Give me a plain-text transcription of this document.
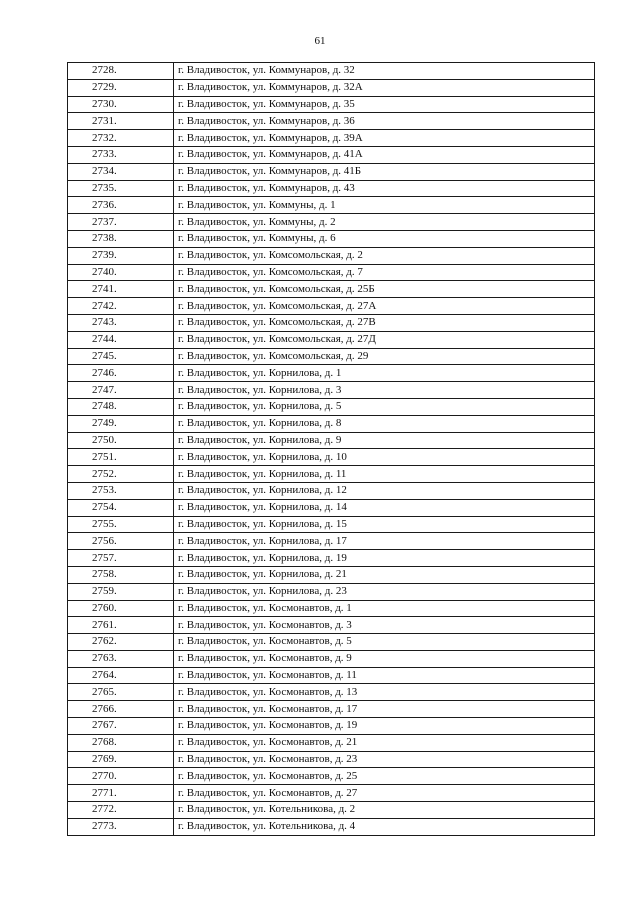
61
2728.	г. Владивосток, ул. Коммунаров, д. 32
2729.	г. Владивосток, ул. Коммунаров, д. 32А
2730.	г. Владивосток, ул. Коммунаров, д. 35
2731.	г. Владивосток, ул. Коммунаров, д. 36
2732.	г. Владивосток, ул. Коммунаров, д. 39А
2733.	г. Владивосток, ул. Коммунаров, д. 41А
2734.	г. Владивосток, ул. Коммунаров, д. 41Б
2735.	г. Владивосток, ул. Коммунаров, д. 43
2736.	г. Владивосток, ул. Коммуны, д. 1
2737.	г. Владивосток, ул. Коммуны, д. 2
2738.	г. Владивосток, ул. Коммуны, д. 6
2739.	г. Владивосток, ул. Комсомольская, д. 2
2740.	г. Владивосток, ул. Комсомольская, д. 7
2741.	г. Владивосток, ул. Комсомольская, д. 25Б
2742.	г. Владивосток, ул. Комсомольская, д. 27А
2743.	г. Владивосток, ул. Комсомольская, д. 27В
2744.	г. Владивосток, ул. Комсомольская, д. 27Д
2745.	г. Владивосток, ул. Комсомольская, д. 29
2746.	г. Владивосток, ул. Корнилова, д. 1
2747.	г. Владивосток, ул. Корнилова, д. 3
2748.	г. Владивосток, ул. Корнилова, д. 5
2749.	г. Владивосток, ул. Корнилова, д. 8
2750.	г. Владивосток, ул. Корнилова, д. 9
2751.	г. Владивосток, ул. Корнилова, д. 10
2752.	г. Владивосток, ул. Корнилова, д. 11
2753.	г. Владивосток, ул. Корнилова, д. 12
2754.	г. Владивосток, ул. Корнилова, д. 14
2755.	г. Владивосток, ул. Корнилова, д. 15
2756.	г. Владивосток, ул. Корнилова, д. 17
2757.	г. Владивосток, ул. Корнилова, д. 19
2758.	г. Владивосток, ул. Корнилова, д. 21
2759.	г. Владивосток, ул. Корнилова, д. 23
2760.	г. Владивосток, ул. Космонавтов, д. 1
2761.	г. Владивосток, ул. Космонавтов, д. 3
2762.	г. Владивосток, ул. Космонавтов, д. 5
2763.	г. Владивосток, ул. Космонавтов, д. 9
2764.	г. Владивосток, ул. Космонавтов, д. 11
2765.	г. Владивосток, ул. Космонавтов, д. 13
2766.	г. Владивосток, ул. Космонавтов, д. 17
2767.	г. Владивосток, ул. Космонавтов, д. 19
2768.	г. Владивосток, ул. Космонавтов, д. 21
2769.	г. Владивосток, ул. Космонавтов, д. 23
2770.	г. Владивосток, ул. Космонавтов, д. 25
2771.	г. Владивосток, ул. Космонавтов, д. 27
2772.	г. Владивосток, ул. Котельникова, д. 2
2773.	г. Владивосток, ул. Котельникова, д. 4
